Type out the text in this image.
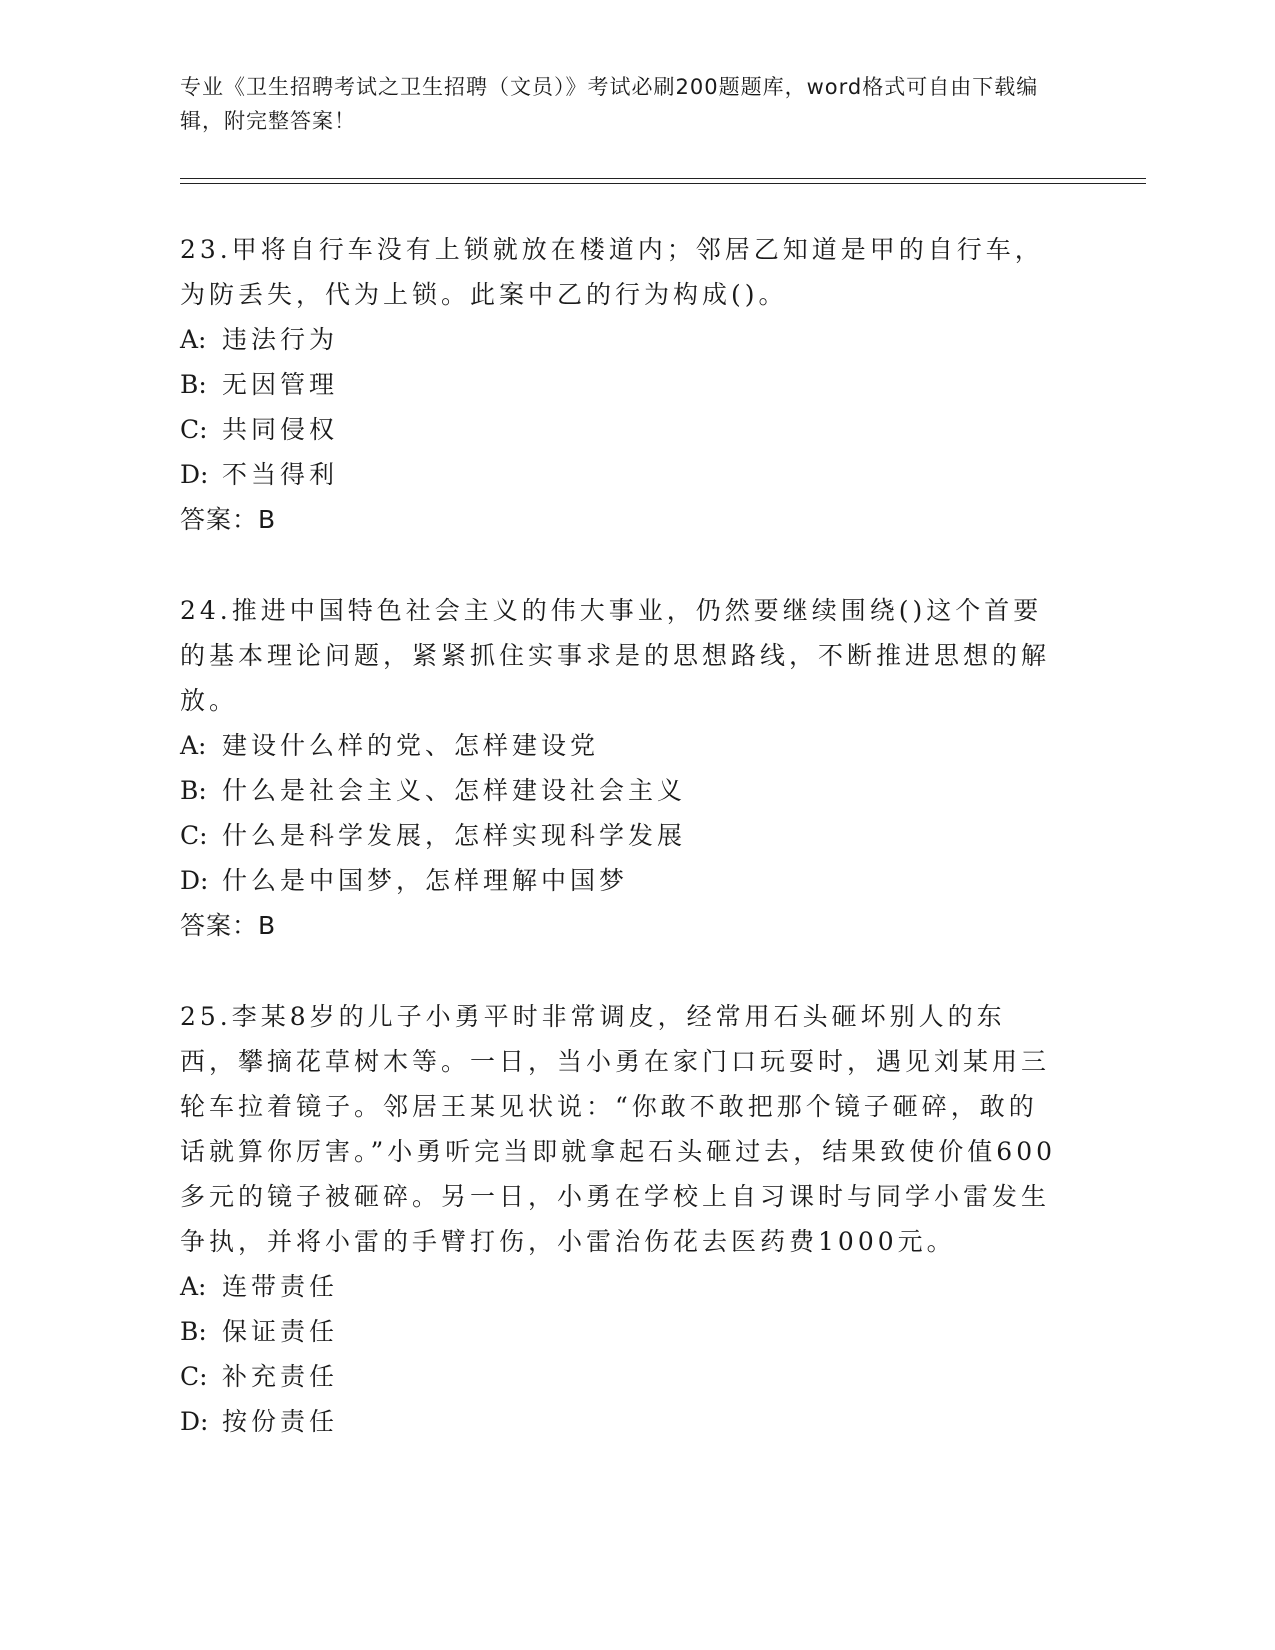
专业《卫生招聘考试之卫生招聘（文员）》考试必刷200题题库，word格式可自由下载编辑，附完整答案！

23.甲将自行车没有上锁就放在楼道内；邻居乙知道是甲的自行车，为防丢失，代为上锁。此案中乙的行为构成()。

A: 违法行为

B: 无因管理

C: 共同侵权

D: 不当得利

答案：B

24.推进中国特色社会主义的伟大事业，仍然要继续围绕()这个首要的基本理论问题，紧紧抓住实事求是的思想路线，不断推进思想的解放。

A: 建设什么样的党、怎样建设党

B: 什么是社会主义、怎样建设社会主义

C: 什么是科学发展，怎样实现科学发展

D: 什么是中国梦，怎样理解中国梦

答案：B

25.李某8岁的儿子小勇平时非常调皮，经常用石头砸坏别人的东西，攀摘花草树木等。一日，当小勇在家门口玩耍时，遇见刘某用三轮车拉着镜子。邻居王某见状说：“你敢不敢把那个镜子砸碎，敢的话就算你厉害。”小勇听完当即就拿起石头砸过去，结果致使价值600多元的镜子被砸碎。另一日，小勇在学校上自习课时与同学小雷发生争执，并将小雷的手臂打伤，小雷治伤花去医药费1000元。

A: 连带责任

B: 保证责任

C: 补充责任

D: 按份责任
